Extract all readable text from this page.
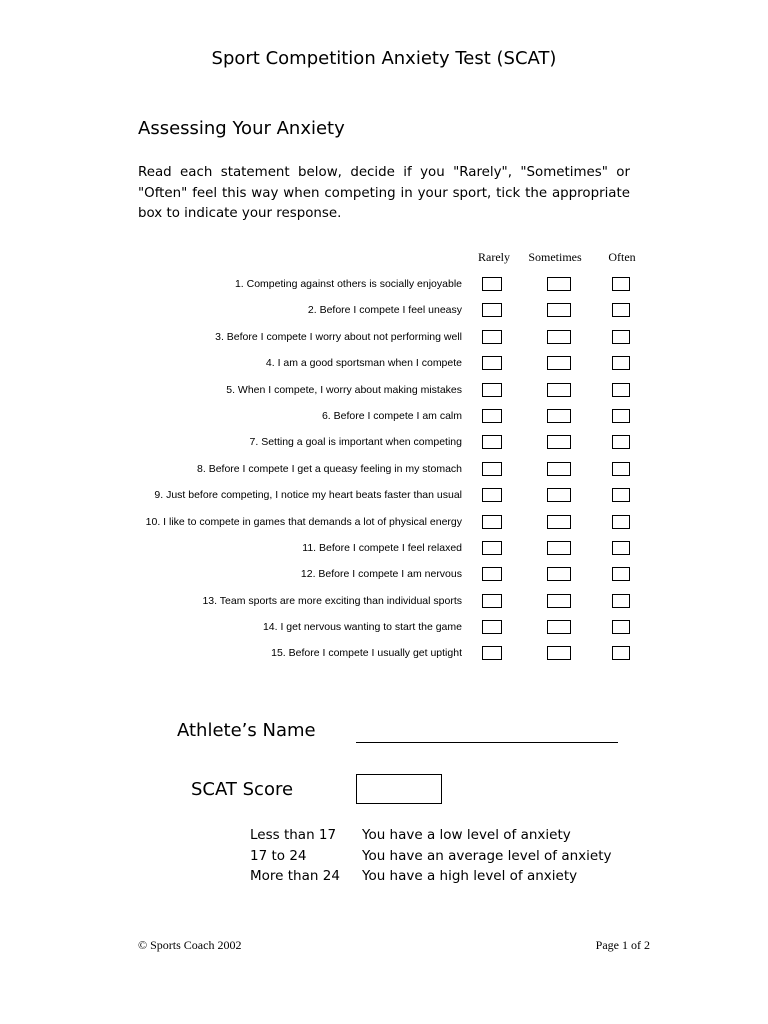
Sport Competition Anxiety Test (SCAT)
Assessing Your Anxiety
Read each statement below, decide if you "Rarely", "Sometimes" or "Often" feel this way when competing in your sport, tick the appropriate box to indicate your response.
Rarely	Sometimes	Often
1. Competing against others is socially enjoyable
2. Before I compete I feel uneasy
3. Before I compete I worry about not performing well
4. I am a good sportsman when I compete
5. When I compete, I worry about making mistakes
6. Before I compete I am calm
7. Setting a goal is important when competing
8. Before I compete I get a queasy feeling in my stomach
9. Just before competing, I notice my heart beats faster than usual
10. I like to compete in games that demands a lot of physical energy
11. Before I compete I feel relaxed
12. Before I compete I am nervous
13. Team sports are more exciting than individual sports
14. I get nervous wanting to start the game
15. Before I compete I usually get uptight
Athlete’s Name
SCAT Score
Less than 17	You have a low level of anxiety
17 to 24	You have an average level of anxiety
More than 24	You have a high level of anxiety
© Sports Coach 2002	Page 1 of 2
